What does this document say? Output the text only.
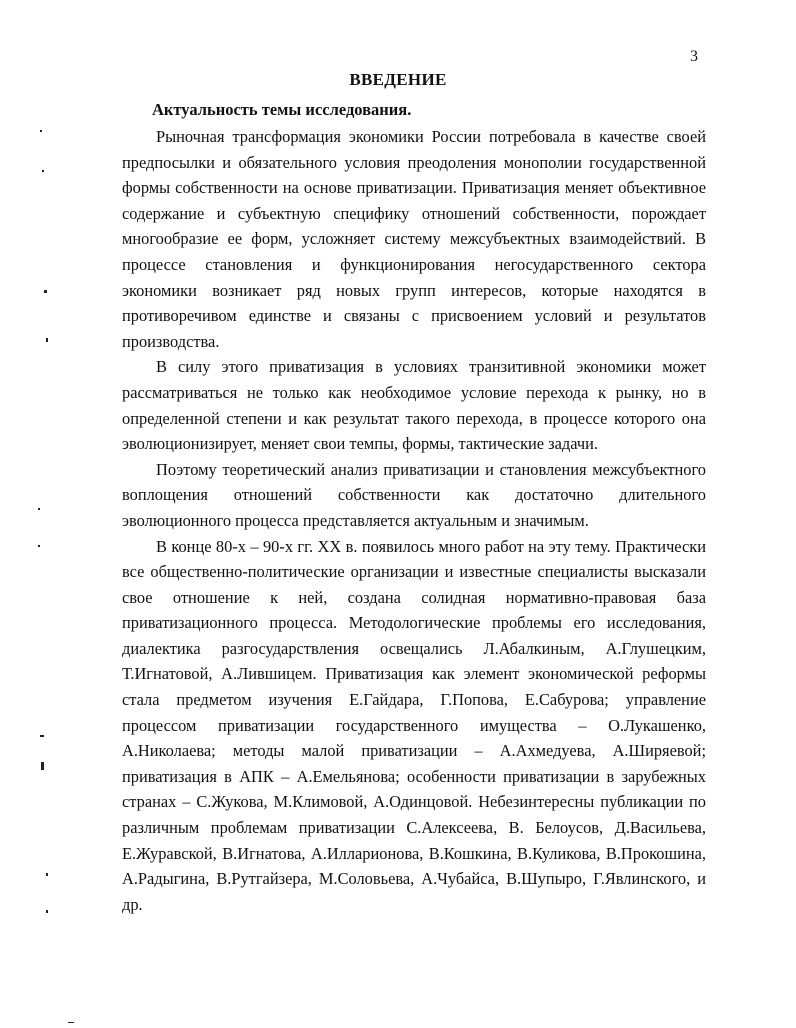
3
ВВЕДЕНИЕ
Актуальность темы исследования.

Рыночная трансформация экономики России потребовала в качестве своей предпосылки и обязательного условия преодоления монополии государственной формы собственности на основе приватизации. Приватизация меняет объективное содержание и субъектную специфику отношений собственности, порождает многообразие ее форм, усложняет систему межсубъектных взаимодействий. В процессе становления и функционирования негосударственного сектора экономики возникает ряд новых групп интересов, которые находятся в противоречивом единстве и связаны с присвоением условий и результатов производства.

В силу этого приватизация в условиях транзитивной экономики может рассматриваться не только как необходимое условие перехода к рынку, но в определенной степени и как результат такого перехода, в процессе которого она эволюционизирует, меняет свои темпы, формы, тактические задачи.

Поэтому теоретический анализ приватизации и становления межсубъектного воплощения отношений собственности как достаточно длительного эволюционного процесса представляется актуальным и значимым.

В конце 80-х – 90-х гг. XX в. появилось много работ на эту тему. Практически все общественно-политические организации и известные специалисты высказали свое отношение к ней, создана солидная нормативно-правовая база приватизационного процесса. Методологические проблемы его исследования, диалектика разгосударствления освещались Л.Абалкиным, А.Глушецким, Т.Игнатовой, А.Лившицем. Приватизация как элемент экономической реформы стала предметом изучения Е.Гайдара, Г.Попова, Е.Сабурова; управление процессом приватизации государственного имущества – О.Лукашенко, А.Николаева; методы малой приватизации – А.Ахмедуева, А.Ширяевой; приватизация в АПК – А.Емельянова; особенности приватизации в зарубежных странах – С.Жукова, М.Климовой, А.Одинцовой. Небезинтересны публикации по различным проблемам приватизации С.Алексеева, В. Белоусов, Д.Васильева, Е.Журавской, В.Игнатова, А.Илларионова, В.Кошкина, В.Куликова, В.Прокошина, А.Радыгина, В.Рутгайзера, М.Соловьева, А.Чубайса, В.Шупыро, Г.Явлинского, и др.
